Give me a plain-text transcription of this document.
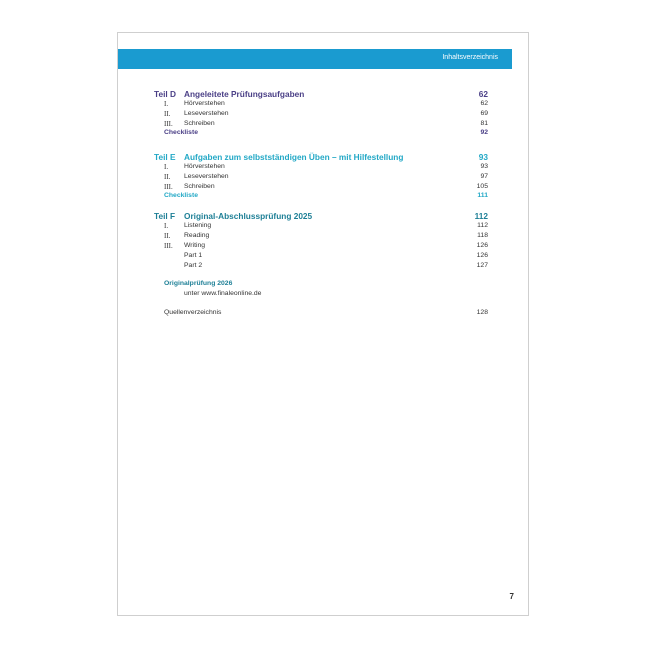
Inhaltsverzeichnis
Teil D Angeleitete Prüfungsaufgaben	62
I. Hörverstehen	62
II. Leseverstehen	69
III. Schreiben	81
Checkliste	92
Teil E Aufgaben zum selbstständigen Üben – mit Hilfestellung	93
I. Hörverstehen	93
II. Leseverstehen	97
III. Schreiben	105
Checkliste	111
Teil F Original-Abschlussprüfung 2025	112
I. Listening	112
II. Reading	118
III. Writing	126
Part 1	126
Part 2	127
Originalprüfung 2026
unter www.finaleonline.de
Quellenverzeichnis	128
7
